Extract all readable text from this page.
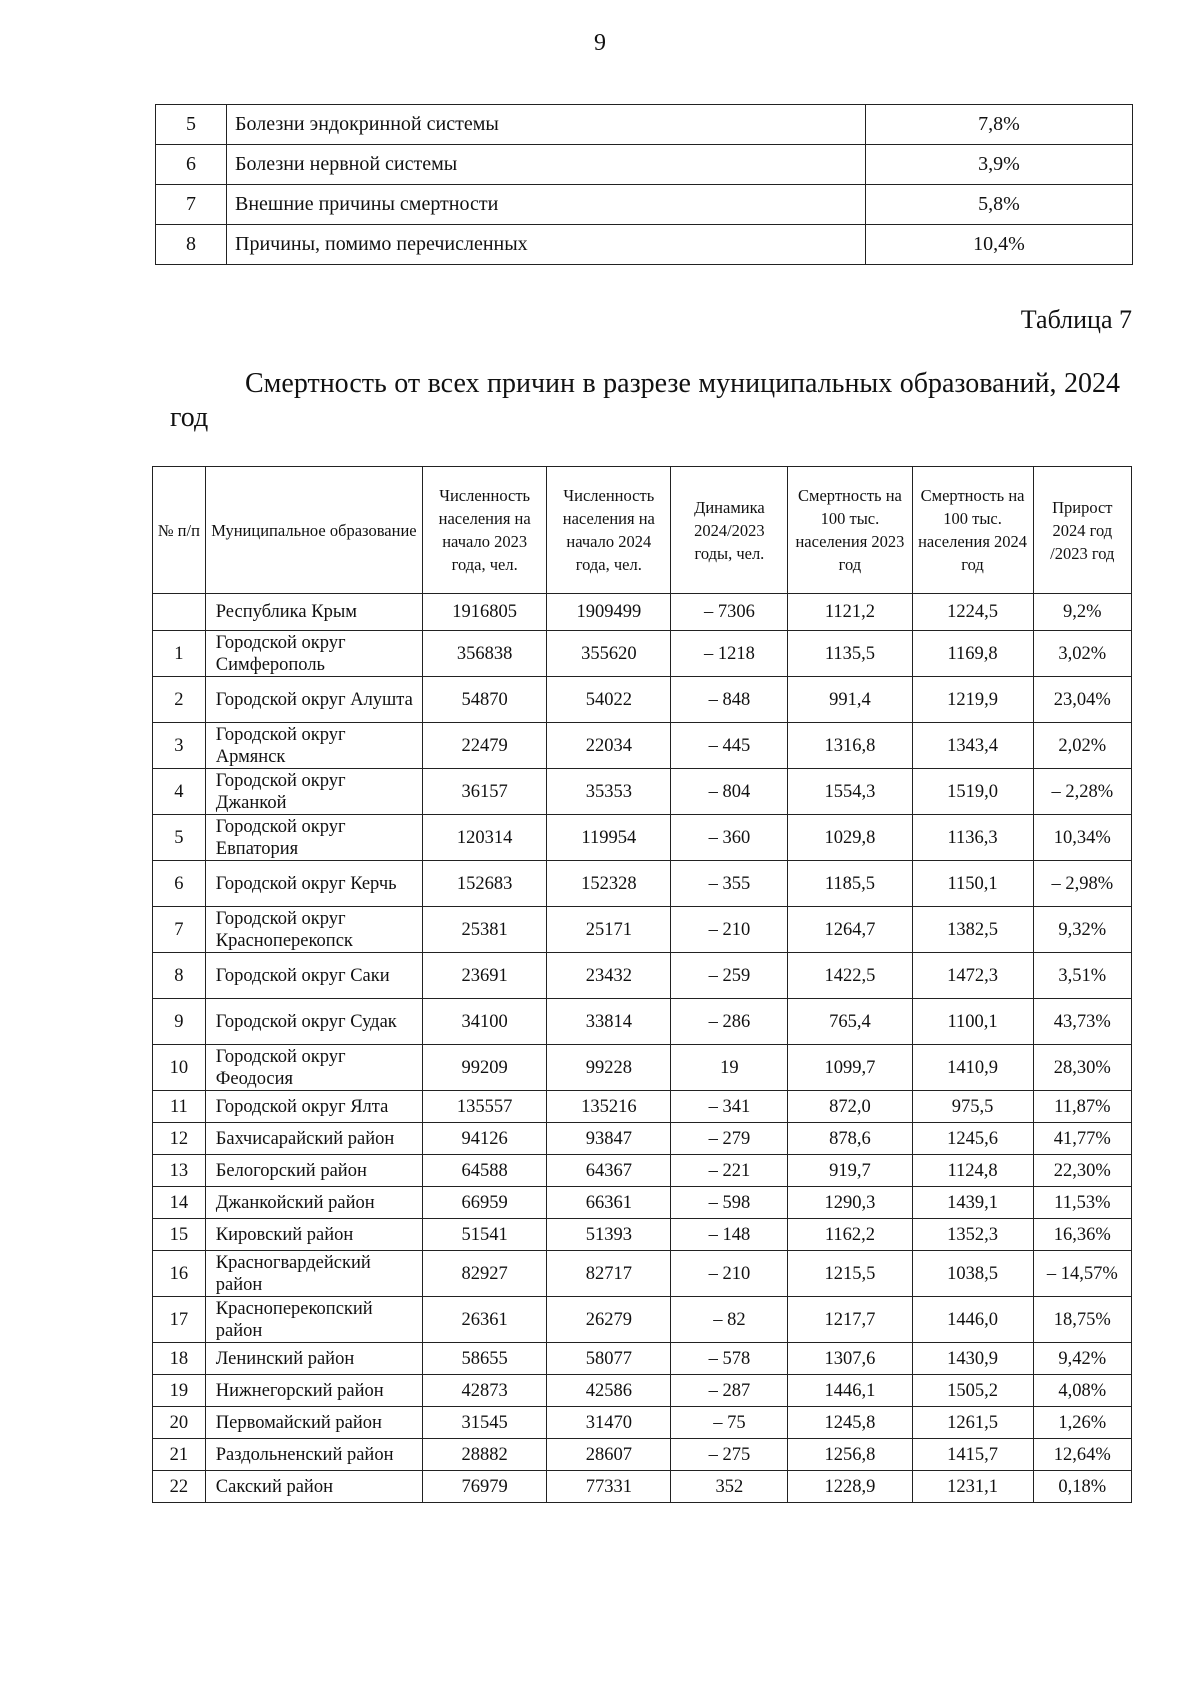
9
5	Болезни эндокринной системы	7,8%
6	Болезни нервной системы	3,9%
7	Внешние причины смертности	5,8%
8	Причины, помимо перечисленных	10,4%
Таблица 7
Смертность от всех причин в разрезе муниципальных образований, 2024 год
№ п/п	Муниципальное образование	Численность населения на начало 2023 года, чел.	Численность населения на начало 2024 года, чел.	Динамика 2024/2023 годы, чел.	Смертность на 100 тыс. населения 2023 год	Смертность на 100 тыс. населения 2024 год	Прирост 2024 год /2023 год
	Республика Крым	1916805	1909499	– 7306	1121,2	1224,5	9,2%
1	Городской округ Симферополь	356838	355620	– 1218	1135,5	1169,8	3,02%
2	Городской округ Алушта	54870	54022	– 848	991,4	1219,9	23,04%
3	Городской округ Армянск	22479	22034	– 445	1316,8	1343,4	2,02%
4	Городской округ Джанкой	36157	35353	– 804	1554,3	1519,0	– 2,28%
5	Городской округ Евпатория	120314	119954	– 360	1029,8	1136,3	10,34%
6	Городской округ Керчь	152683	152328	– 355	1185,5	1150,1	– 2,98%
7	Городской округ Красноперекопск	25381	25171	– 210	1264,7	1382,5	9,32%
8	Городской округ Саки	23691	23432	– 259	1422,5	1472,3	3,51%
9	Городской округ Судак	34100	33814	– 286	765,4	1100,1	43,73%
10	Городской округ Феодосия	99209	99228	19	1099,7	1410,9	28,30%
11	Городской округ Ялта	135557	135216	– 341	872,0	975,5	11,87%
12	Бахчисарайский район	94126	93847	– 279	878,6	1245,6	41,77%
13	Белогорский район	64588	64367	– 221	919,7	1124,8	22,30%
14	Джанкойский район	66959	66361	– 598	1290,3	1439,1	11,53%
15	Кировский район	51541	51393	– 148	1162,2	1352,3	16,36%
16	Красногвардейский район	82927	82717	– 210	1215,5	1038,5	– 14,57%
17	Красноперекопский район	26361	26279	– 82	1217,7	1446,0	18,75%
18	Ленинский район	58655	58077	– 578	1307,6	1430,9	9,42%
19	Нижнегорский район	42873	42586	– 287	1446,1	1505,2	4,08%
20	Первомайский район	31545	31470	– 75	1245,8	1261,5	1,26%
21	Раздольненский район	28882	28607	– 275	1256,8	1415,7	12,64%
22	Сакский район	76979	77331	352	1228,9	1231,1	0,18%
